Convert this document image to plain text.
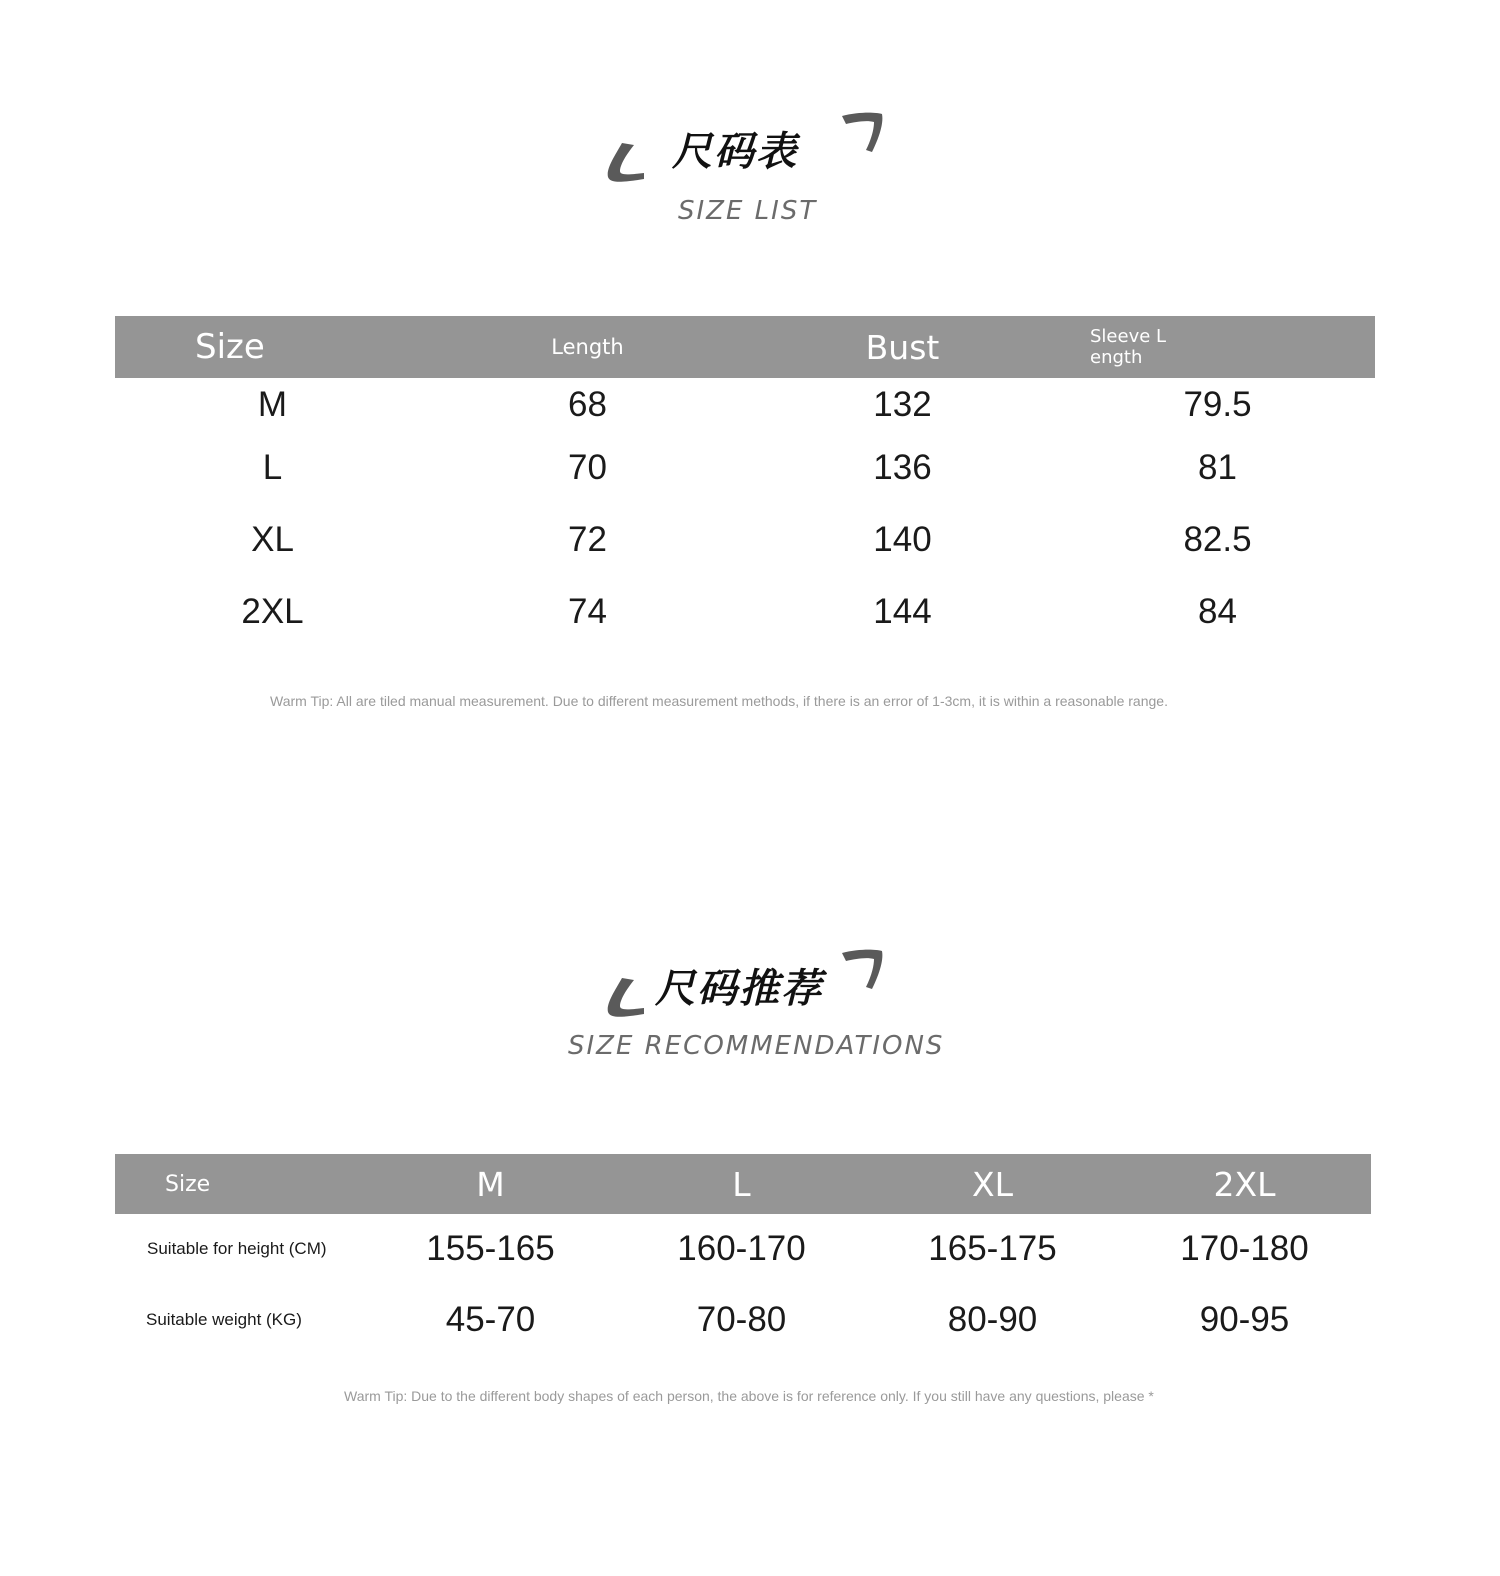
尺码表
SIZE LIST
Size	Length	Bust	Sleeve L
ength
M	68	132	79.5
L	70	136	81
XL	72	140	82.5
2XL	74	144	84
Warm Tip: All are tiled manual measurement. Due to different measurement methods, if there is an error of 1-3cm, it is within a reasonable range.
尺码推荐
SIZE RECOMMENDATIONS
Size	M	L	XL	2XL
Suitable for height (CM)	155-165	160-170	165-175	170-180
Suitable weight (KG)	45-70	70-80	80-90	90-95
Warm Tip: Due to the different body shapes of each person, the above is for reference only. If you still have any questions, please *
